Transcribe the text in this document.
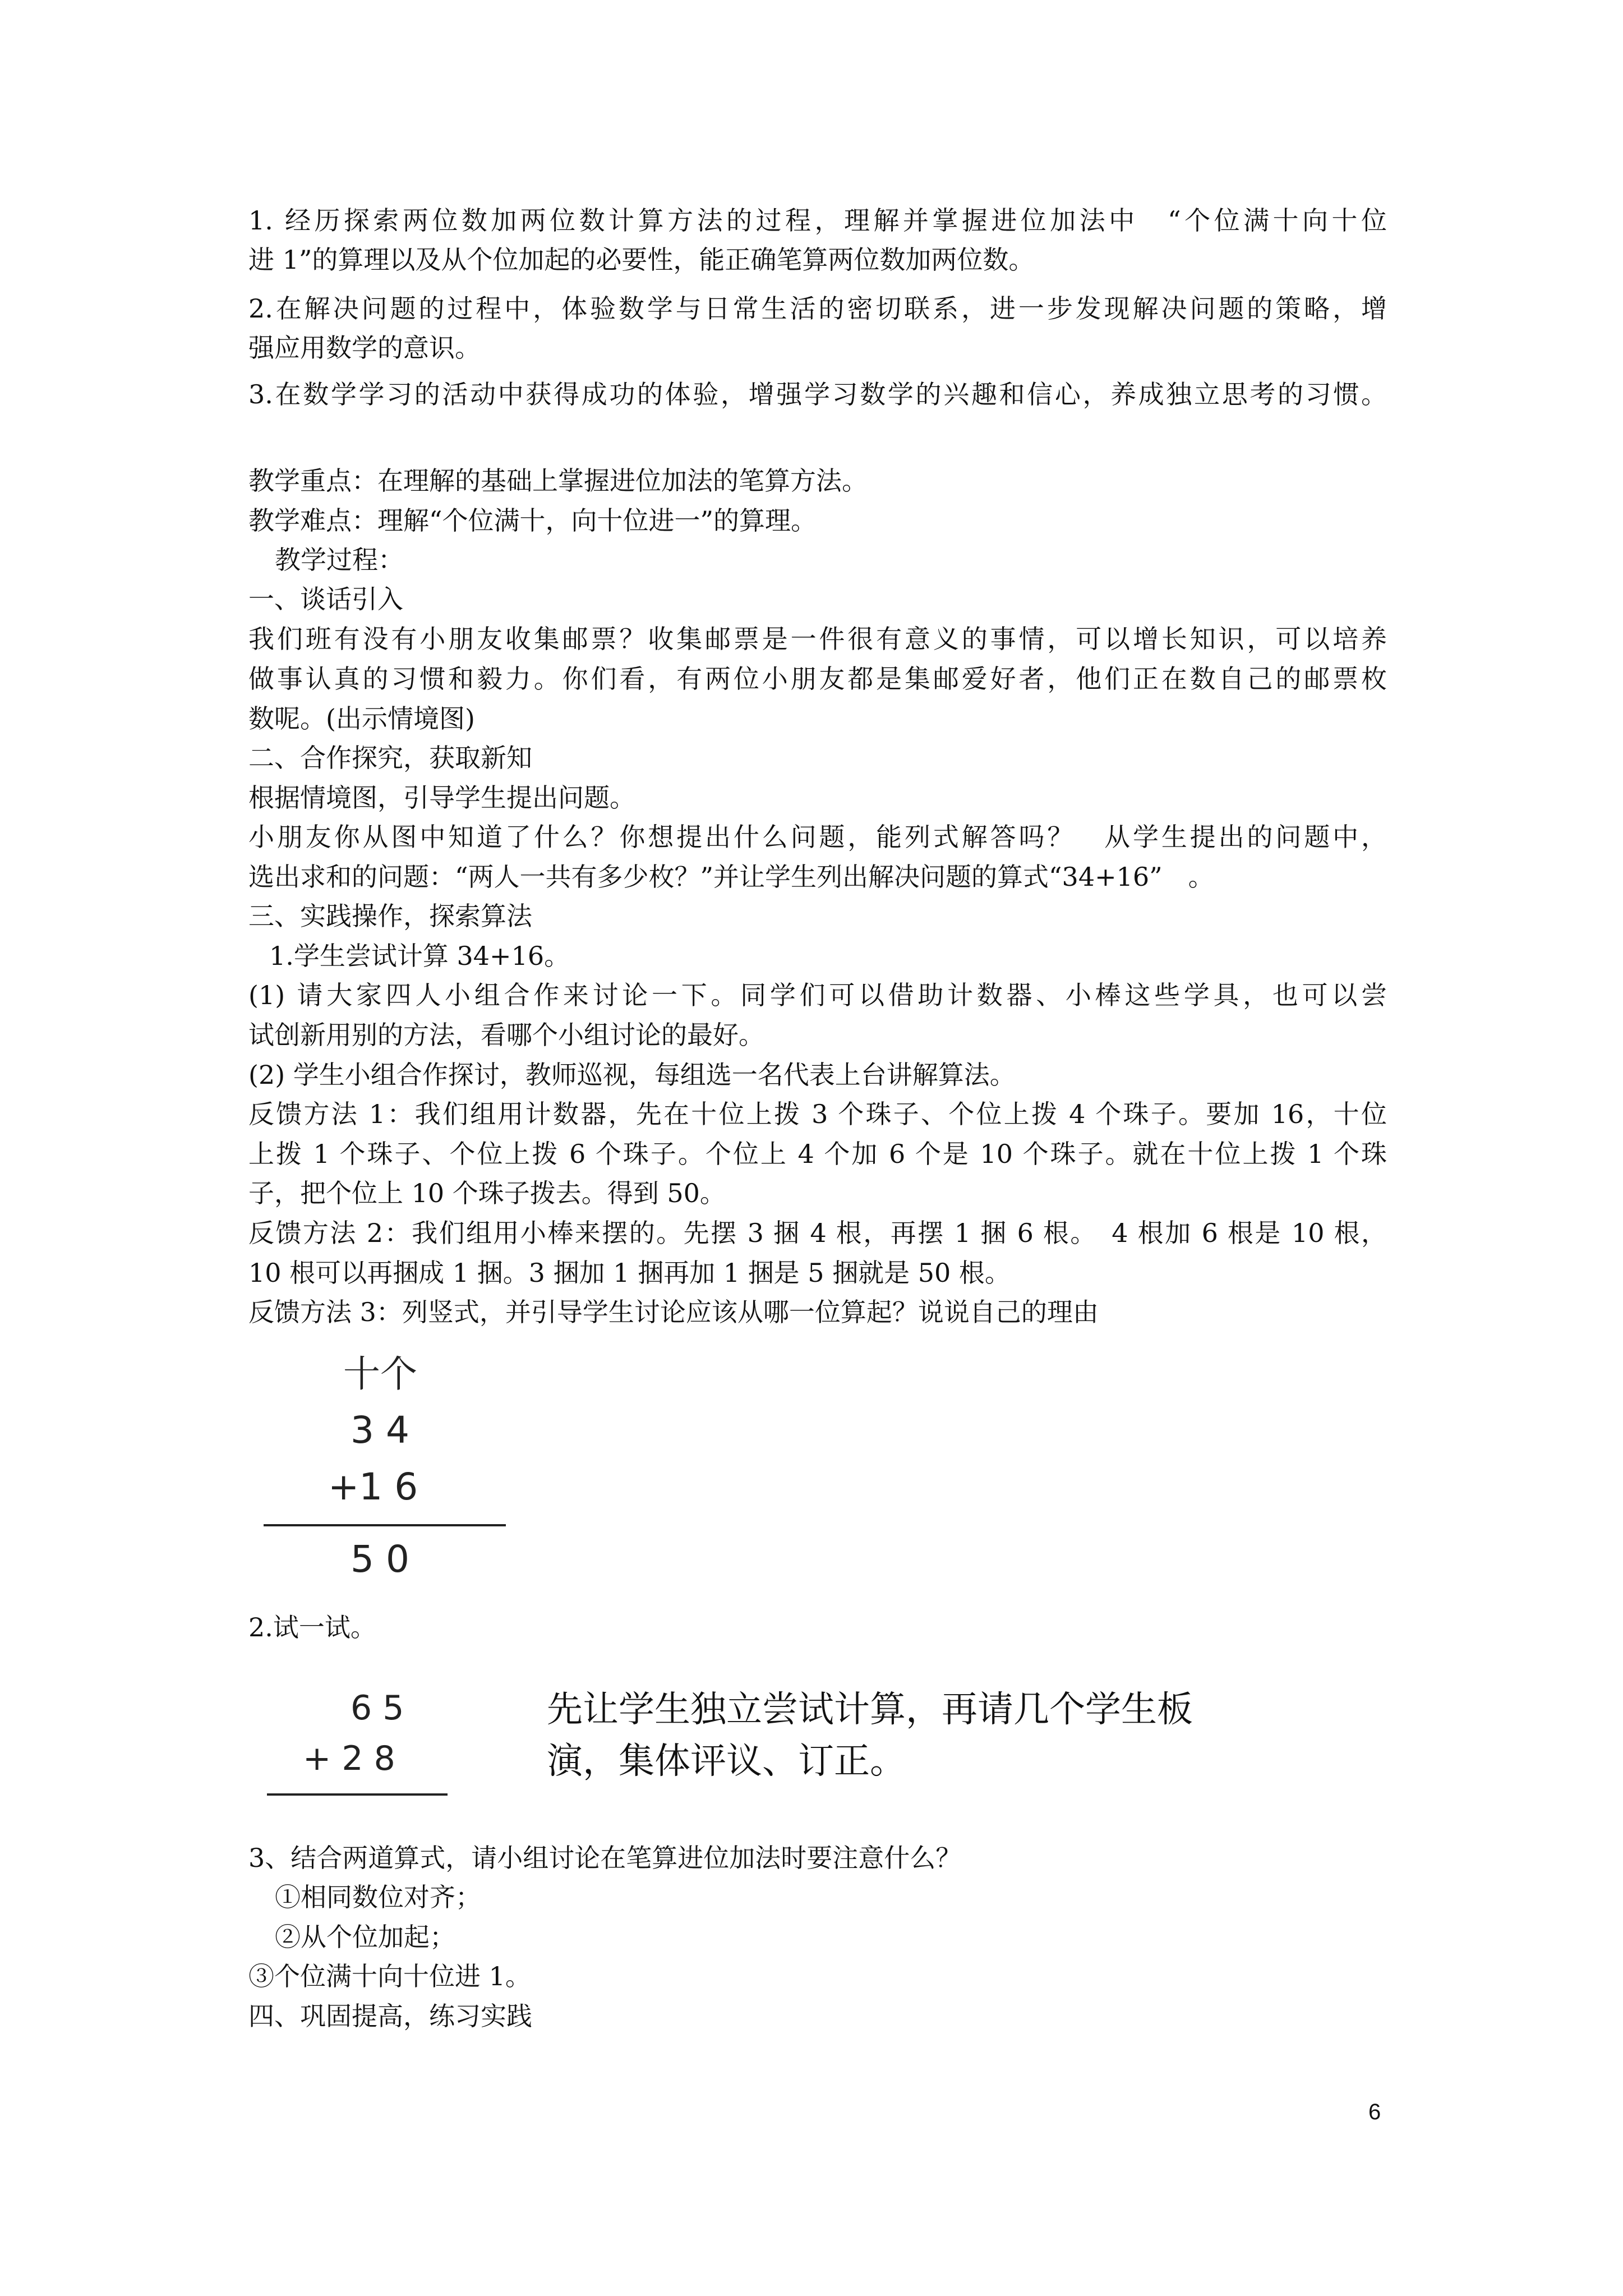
1. 经历探索两位数加两位数计算方法的过程，理解并掌握进位加法中　“个位满十向十位
进 1”的算理以及从个位加起的必要性，能正确笔算两位数加两位数。
2.在解决问题的过程中，体验数学与日常生活的密切联系，进一步发现解决问题的策略，增
强应用数学的意识。
3.在数学学习的活动中获得成功的体验，增强学习数学的兴趣和信心，养成独立思考的习惯。
教学重点：在理解的基础上掌握进位加法的笔算方法。
教学难点：理解“个位满十，向十位进一”的算理。
教学过程：
一、谈话引入
我们班有没有小朋友收集邮票？收集邮票是一件很有意义的事情，可以增长知识，可以培养
做事认真的习惯和毅力。你们看，有两位小朋友都是集邮爱好者，他们正在数自己的邮票枚
数呢。(出示情境图)
二、合作探究，获取新知
根据情境图，引导学生提出问题。
小朋友你从图中知道了什么？你想提出什么问题，能列式解答吗？　从学生提出的问题中，
选出求和的问题：“两人一共有多少枚？”并让学生列出解决问题的算式“34+16”　。
三、实践操作，探索算法
1.学生尝试计算 34+16。
(1) 请大家四人小组合作来讨论一下。同学们可以借助计数器、小棒这些学具，也可以尝
试创新用别的方法，看哪个小组讨论的最好。
(2) 学生小组合作探讨，教师巡视，每组选一名代表上台讲解算法。
反馈方法 1：我们组用计数器，先在十位上拨 3 个珠子、个位上拨 4 个珠子。要加 16，十位
上拨 1 个珠子、个位上拨 6 个珠子。个位上 4 个加 6 个是 10 个珠子。就在十位上拨 1 个珠
子，把个位上 10 个珠子拨去。得到 50。
反馈方法 2：我们组用小棒来摆的。先摆 3 捆 4 根，再摆 1 捆 6 根。　4 根加 6 根是 10 根，
10 根可以再捆成 1 捆。3 捆加 1 捆再加 1 捆是 5 捆就是 50 根。
反馈方法 3：列竖式，并引导学生讨论应该从哪一位算起？说说自己的理由
十个
3 4
+1 6
5 0
2.试一试。
6 5
+ 2 8
先让学生独立尝试计算，再请几个学生板
演，集体评议、订正。
3、结合两道算式，请小组讨论在笔算进位加法时要注意什么？
①相同数位对齐；
②从个位加起；
③个位满十向十位进 1。
四、巩固提高，练习实践
6
